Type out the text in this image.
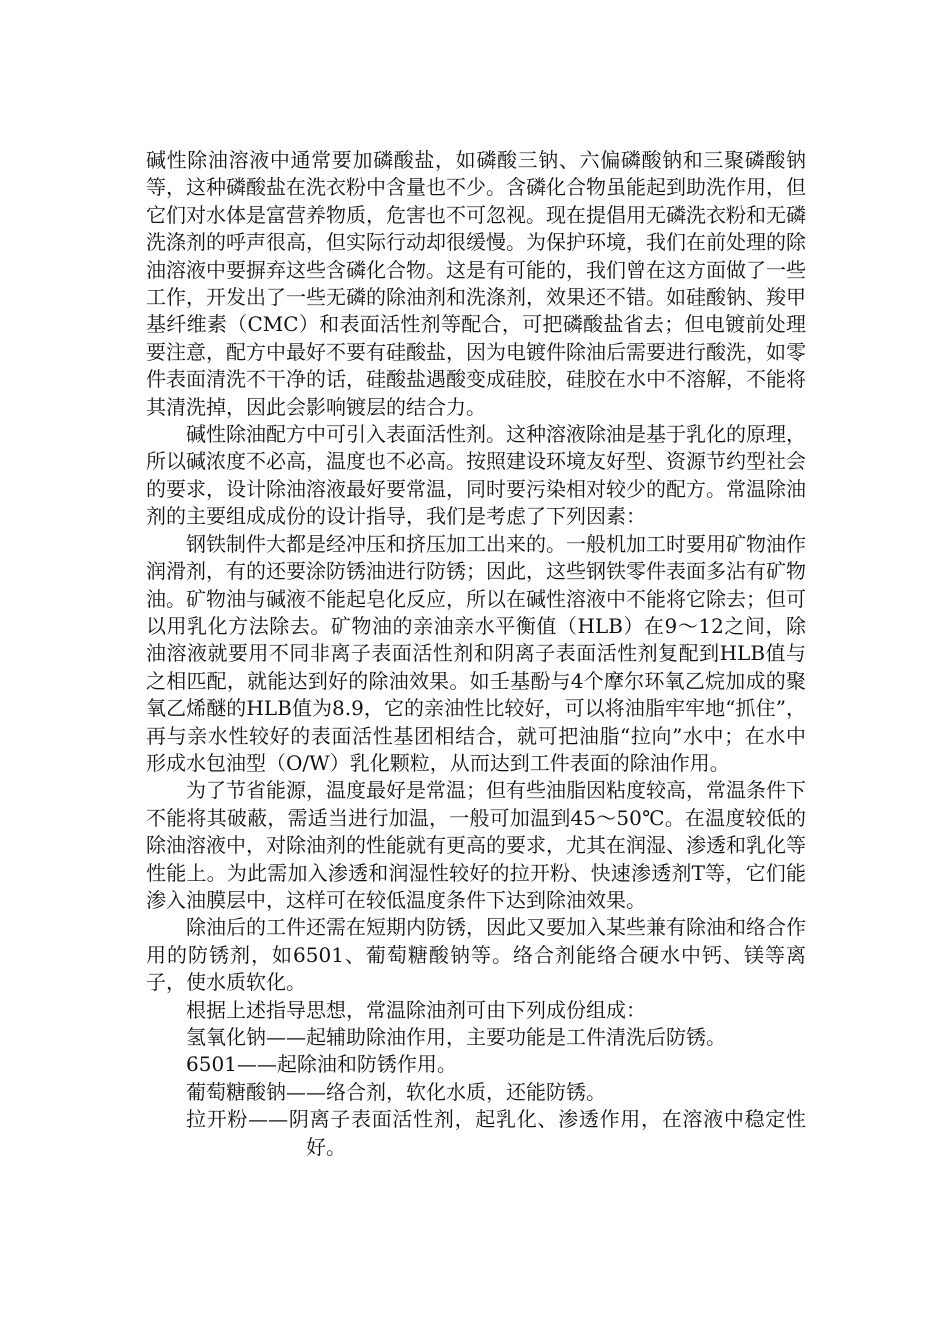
碱性除油溶液中通常要加磷酸盐，如磷酸三钠、六偏磷酸钠和三聚磷酸钠等，这种磷酸盐在洗衣粉中含量也不少。含磷化合物虽能起到助洗作用，但它们对水体是富营养物质，危害也不可忽视。现在提倡用无磷洗衣粉和无磷洗涤剂的呼声很高，但实际行动却很缓慢。为保护环境，我们在前处理的除油溶液中要摒弃这些含磷化合物。这是有可能的，我们曾在这方面做了一些工作，开发出了一些无磷的除油剂和洗涤剂，效果还不错。如硅酸钠、羧甲基纤维素（CMC）和表面活性剂等配合，可把磷酸盐省去；但电镀前处理要注意，配方中最好不要有硅酸盐，因为电镀件除油后需要进行酸洗，如零件表面清洗不干净的话，硅酸盐遇酸变成硅胶，硅胶在水中不溶解，不能将其清洗掉，因此会影响镀层的结合力。

碱性除油配方中可引入表面活性剂。这种溶液除油是基于乳化的原理，所以碱浓度不必高，温度也不必高。按照建设环境友好型、资源节约型社会的要求，设计除油溶液最好要常温，同时要污染相对较少的配方。常温除油剂的主要组成成份的设计指导，我们是考虑了下列因素：

钢铁制件大都是经冲压和挤压加工出来的。一般机加工时要用矿物油作润滑剂，有的还要涂防锈油进行防锈；因此，这些钢铁零件表面多沾有矿物油。矿物油与碱液不能起皂化反应，所以在碱性溶液中不能将它除去；但可以用乳化方法除去。矿物油的亲油亲水平衡值（HLB）在9～12之间，除油溶液就要用不同非离子表面活性剂和阴离子表面活性剂复配到HLB值与之相匹配，就能达到好的除油效果。如壬基酚与4个摩尔环氧乙烷加成的聚氧乙烯醚的HLB值为8.9，它的亲油性比较好，可以将油脂牢牢地“抓住”，再与亲水性较好的表面活性基团相结合，就可把油脂“拉向”水中；在水中形成水包油型（O/W）乳化颗粒，从而达到工件表面的除油作用。

为了节省能源，温度最好是常温；但有些油脂因粘度较高，常温条件下不能将其破蔽，需适当进行加温，一般可加温到45～50℃。在温度较低的除油溶液中，对除油剂的性能就有更高的要求，尤其在润湿、渗透和乳化等性能上。为此需加入渗透和润湿性较好的拉开粉、快速渗透剂T等，它们能渗入油膜层中，这样可在较低温度条件下达到除油效果。

除油后的工件还需在短期内防锈，因此又要加入某些兼有除油和络合作用的防锈剂，如6501、葡萄糖酸钠等。络合剂能络合硬水中钙、镁等离子，使水质软化。

根据上述指导思想，常温除油剂可由下列成份组成：

氢氧化钠——起辅助除油作用，主要功能是工件清洗后防锈。

6501——起除油和防锈作用。

葡萄糖酸钠——络合剂，软化水质，还能防锈。

拉开粉——阴离子表面活性剂，起乳化、渗透作用，在溶液中稳定性好。
